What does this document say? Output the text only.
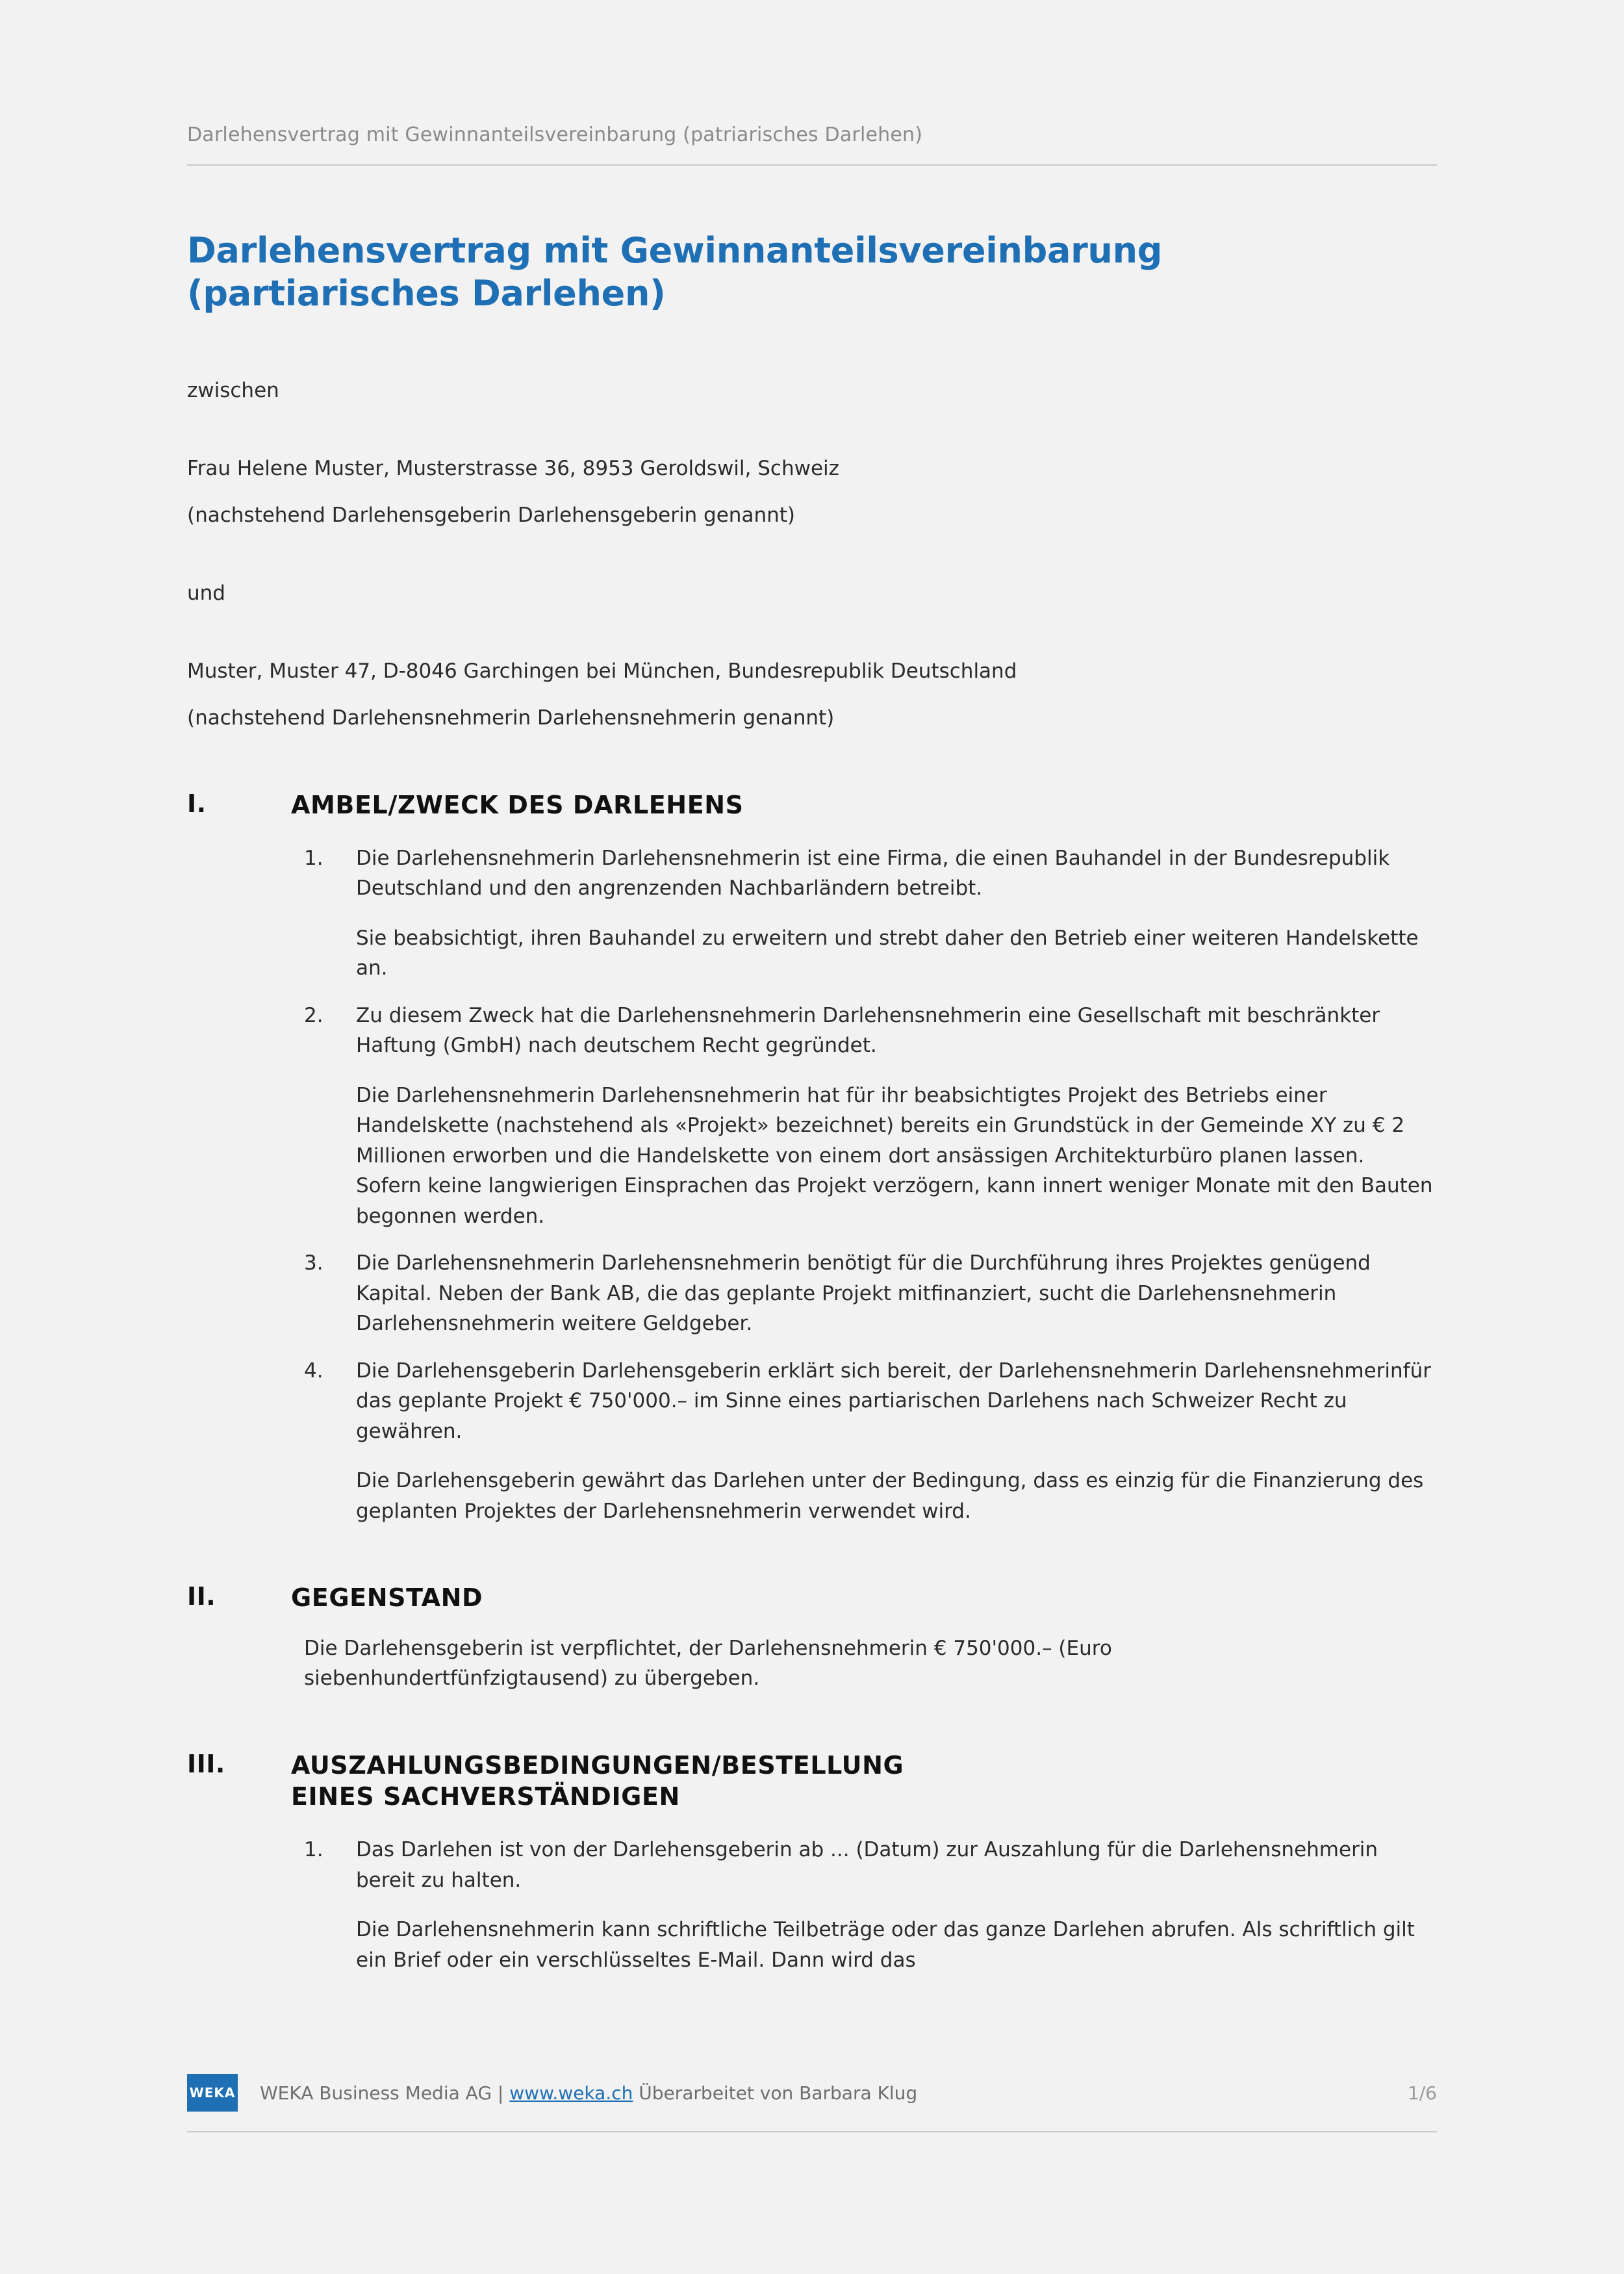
Darlehensvertrag mit Gewinnanteilsvereinbarung (patriarisches Darlehen)
Darlehensvertrag mit Gewinnanteilsvereinbarung
(partiarisches Darlehen)
zwischen
Frau Helene Muster, Musterstrasse 36, 8953 Geroldswil, Schweiz
(nachstehend Darlehensgeberin Darlehensgeberin genannt)
und
Muster, Muster 47, D-8046 Garchingen bei München, Bundesrepublik Deutschland
(nachstehend Darlehensnehmerin Darlehensnehmerin genannt)
I.	AMBEL/ZWECK DES DARLEHENS
1.	Die Darlehensnehmerin Darlehensnehmerin ist eine Firma, die einen Bauhandel in der Bundesrepublik Deutschland und den angrenzenden Nachbarländern betreibt.

Sie beabsichtigt, ihren Bauhandel zu erweitern und strebt daher den Betrieb einer weiteren Handelskette an.

2.	Zu diesem Zweck hat die Darlehensnehmerin Darlehensnehmerin eine Gesellschaft mit beschränkter Haftung (GmbH) nach deutschem Recht gegründet.

Die Darlehensnehmerin Darlehensnehmerin hat für ihr beabsichtigtes Projekt des Betriebs einer Handelskette (nachstehend als «Projekt» bezeichnet) bereits ein Grundstück in der Gemeinde XY zu € 2 Millionen erworben und die Handelskette von einem dort ansässigen Architekturbüro planen lassen. Sofern keine langwierigen Einsprachen das Projekt verzögern, kann innert weniger Monate mit den Bauten begonnen werden.

3.	Die Darlehensnehmerin Darlehensnehmerin benötigt für die Durchführung ihres Projektes genügend Kapital. Neben der Bank AB, die das geplante Projekt mitfinanziert, sucht die Darlehensnehmerin Darlehensnehmerin weitere Geldgeber.

4.	Die Darlehensgeberin Darlehensgeberin erklärt sich bereit, der Darlehensnehmerin Darlehensnehmerinfür das geplante Projekt € 750'000.– im Sinne eines partiarischen Darlehens nach Schweizer Recht zu gewähren.

Die Darlehensgeberin gewährt das Darlehen unter der Bedingung, dass es einzig für die Finanzierung des geplanten Projektes der Darlehensnehmerin verwendet wird.

II.	GEGENSTAND
Die Darlehensgeberin ist verpflichtet, der Darlehensnehmerin € 750'000.– (Euro siebenhundertfünfzigtausend) zu übergeben.
III.	AUSZAHLUNGSBEDINGUNGEN/BESTELLUNG
EINES SACHVERSTÄNDIGEN
1.	Das Darlehen ist von der Darlehensgeberin ab ... (Datum) zur Auszahlung für die Darlehensnehmerin bereit zu halten.

Die Darlehensnehmerin kann schriftliche Teilbeträge oder das ganze Darlehen abrufen. Als schriftlich gilt ein Brief oder ein verschlüsseltes E-Mail. Dann wird das

WEKA WEKA Business Media AG | www.weka.ch Überarbeitet von Barbara Klug	1/6
